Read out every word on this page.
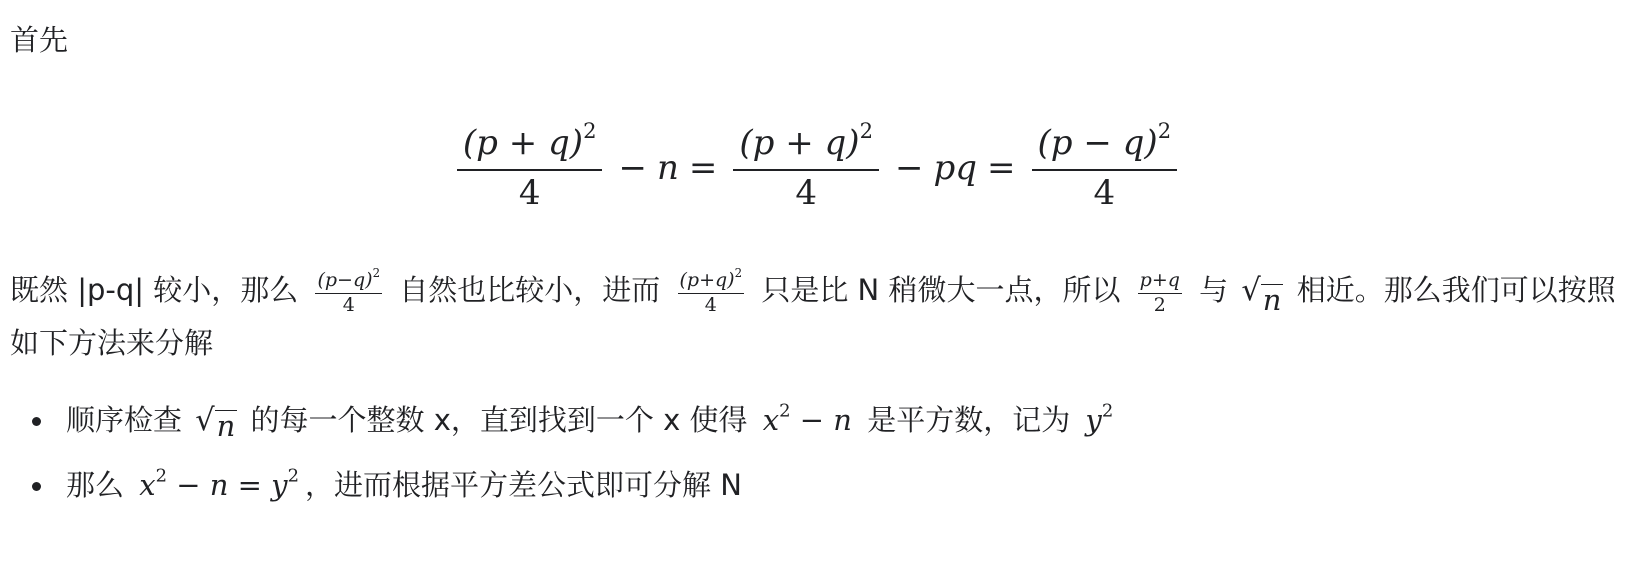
首先
$\frac{(p + q)^2}{4} - n = \frac{(p + q)^2}{4}$ − pq = $\frac{(p - q)^2}{4}$
既然 |p-q| 较小，那么 $\frac{(p-q)^2}{4}$ 自然也比较小，进而 $\frac{(p+q)^2}{4}$ 只是比 N 稍微大一点，所以 $\frac{p+q}{2}$ 与 √ n 相近。那么我们可以按照如下方法来分解
顺序检查 √ n 的每一个整数 x，直到找到一个 x 使得 $x^2 - n$ 是平方数，记为 $y^2$
那么 $x^2 - n = y^2$ ，进而根据平方差公式即可分解 N
